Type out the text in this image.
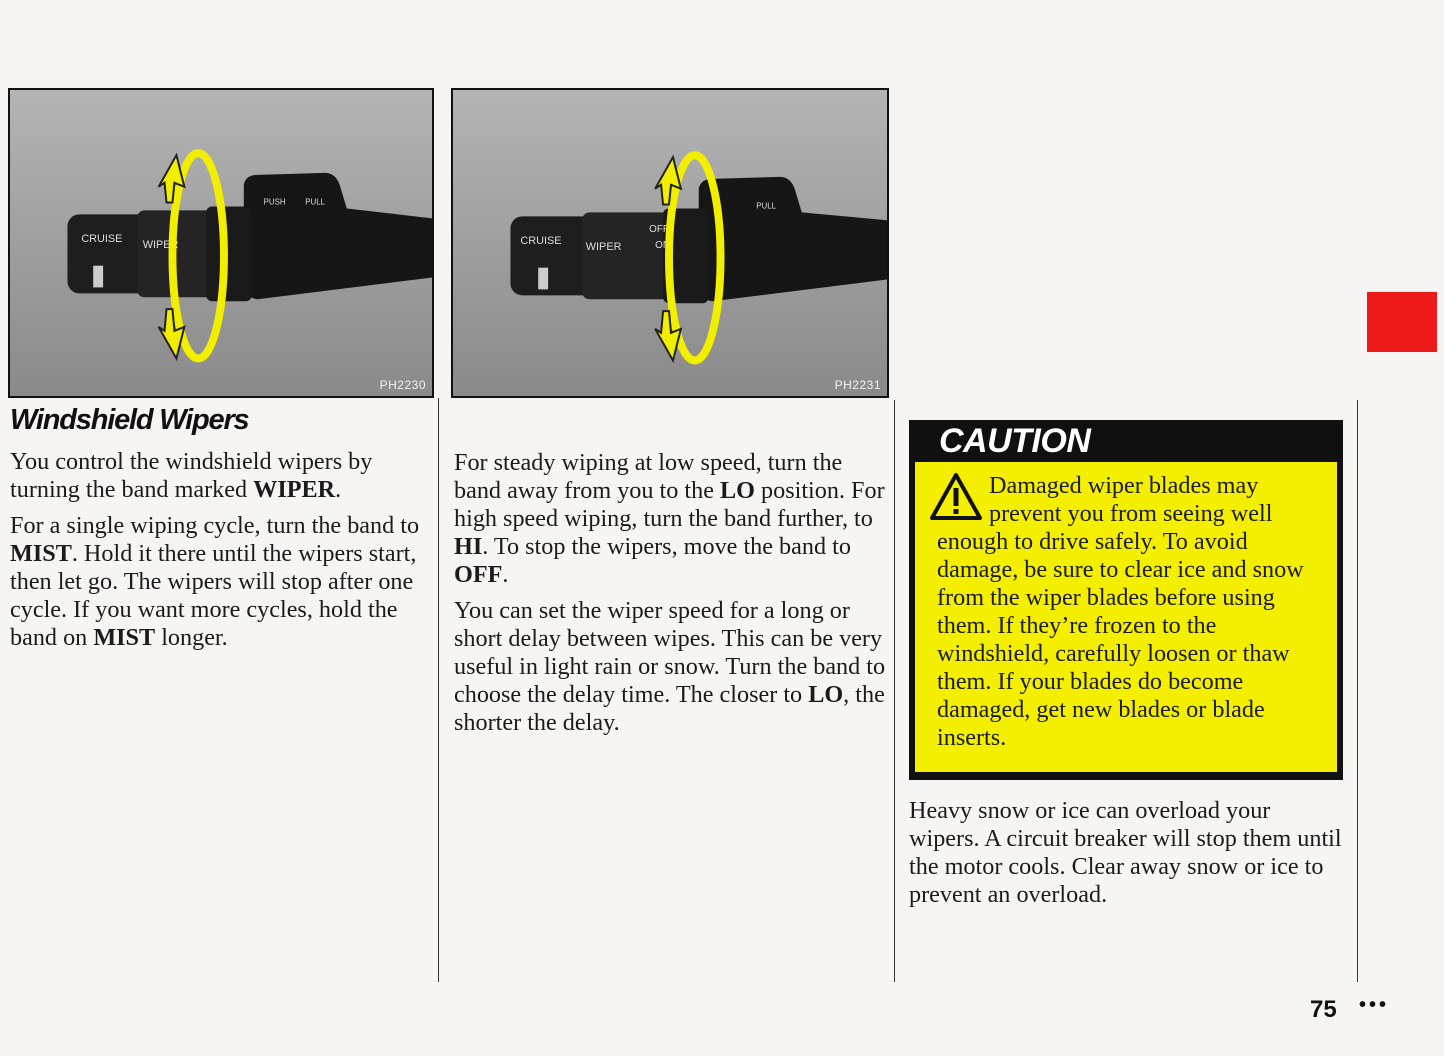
CRUISE WIPER
PUSH PULL
PH2230
CRUISE WIPER
OFF
ON
PULL
PH2231
Windshield Wipers

You control the windshield wipers by turning the band marked WIPER.

For a single wiping cycle, turn the band to MIST. Hold it there until the wipers start, then let go. The wipers will stop after one cycle. If you want more cycles, hold the band on MIST longer.

For steady wiping at low speed, turn the band away from you to the LO position. For high speed wiping, turn the band further, to HI. To stop the wipers, move the band to OFF.

You can set the wiper speed for a long or short delay between wipes. This can be very useful in light rain or snow. Turn the band to choose the delay time. The closer to LO, the shorter the delay.

CAUTION
Damaged wiper blades may prevent you from seeing well enough to drive safely. To avoid damage, be sure to clear ice and snow from the wiper blades before using them. If they’re frozen to the windshield, carefully loosen or thaw them. If your blades do become damaged, get new blades or blade inserts.

Heavy snow or ice can overload your wipers. A circuit breaker will stop them until the motor cools. Clear away snow or ice to prevent an overload.

75 •••
